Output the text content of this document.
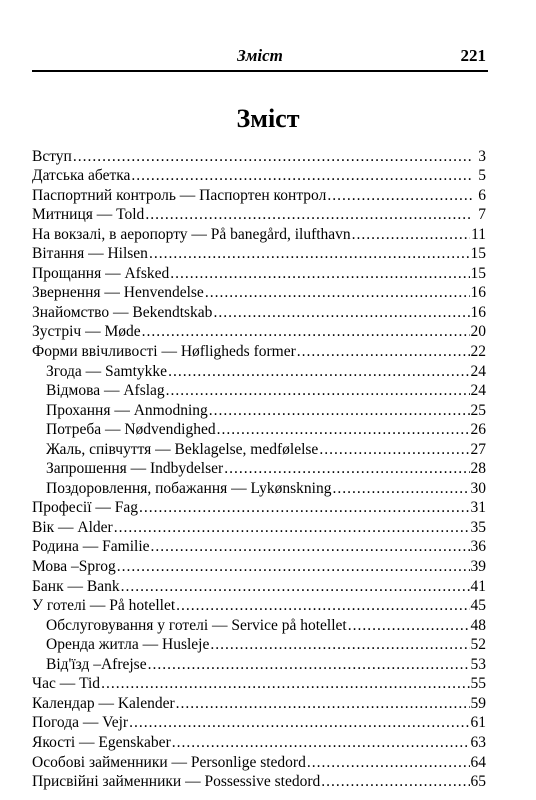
Зміст	221
Зміст
Вступ .....	3
Датська абетка .....	5
Паспортний контроль — Паспортен контрол .....	6
Митниця — Told .....	7
На вокзалі, в аеропорту — På banegård, ilufthavn .....	11
Вітання — Hilsen .....	15
Прощання — Afsked .....	15
Звернення — Henvendelse .....	16
Знайомство — Bekendtskab .....	16
Зустріч — Møde .....	20
Форми ввічливості — Høfligheds former .....	22
Згода — Samtykke .....	24
Відмова — Afslag .....	24
Прохання — Anmodning .....	25
Потреба — Nødvendighed .....	26
Жаль, співчуття — Beklagelse, medfølelse .....	27
Запрошення — Indbydelser .....	28
Поздоровлення, побажання — Lykønskning .....	30
Професії — Fag .....	31
Вік — Alder .....	35
Родина — Familie .....	36
Мова –Sprog .....	39
Банк — Bank .....	41
У готелі — På hotellet .....	45
Обслуговування у готелі — Service på hotellet .....	48
Оренда житла — Husleje .....	52
Від'їзд –Afrejse .....	53
Час — Tid .....	55
Календар — Kalender .....	59
Погода — Vejr .....	61
Якості — Egenskaber .....	63
Особові займенники — Personlige stedord .....	64
Присвійні займенники — Possessive stedord .....	65
